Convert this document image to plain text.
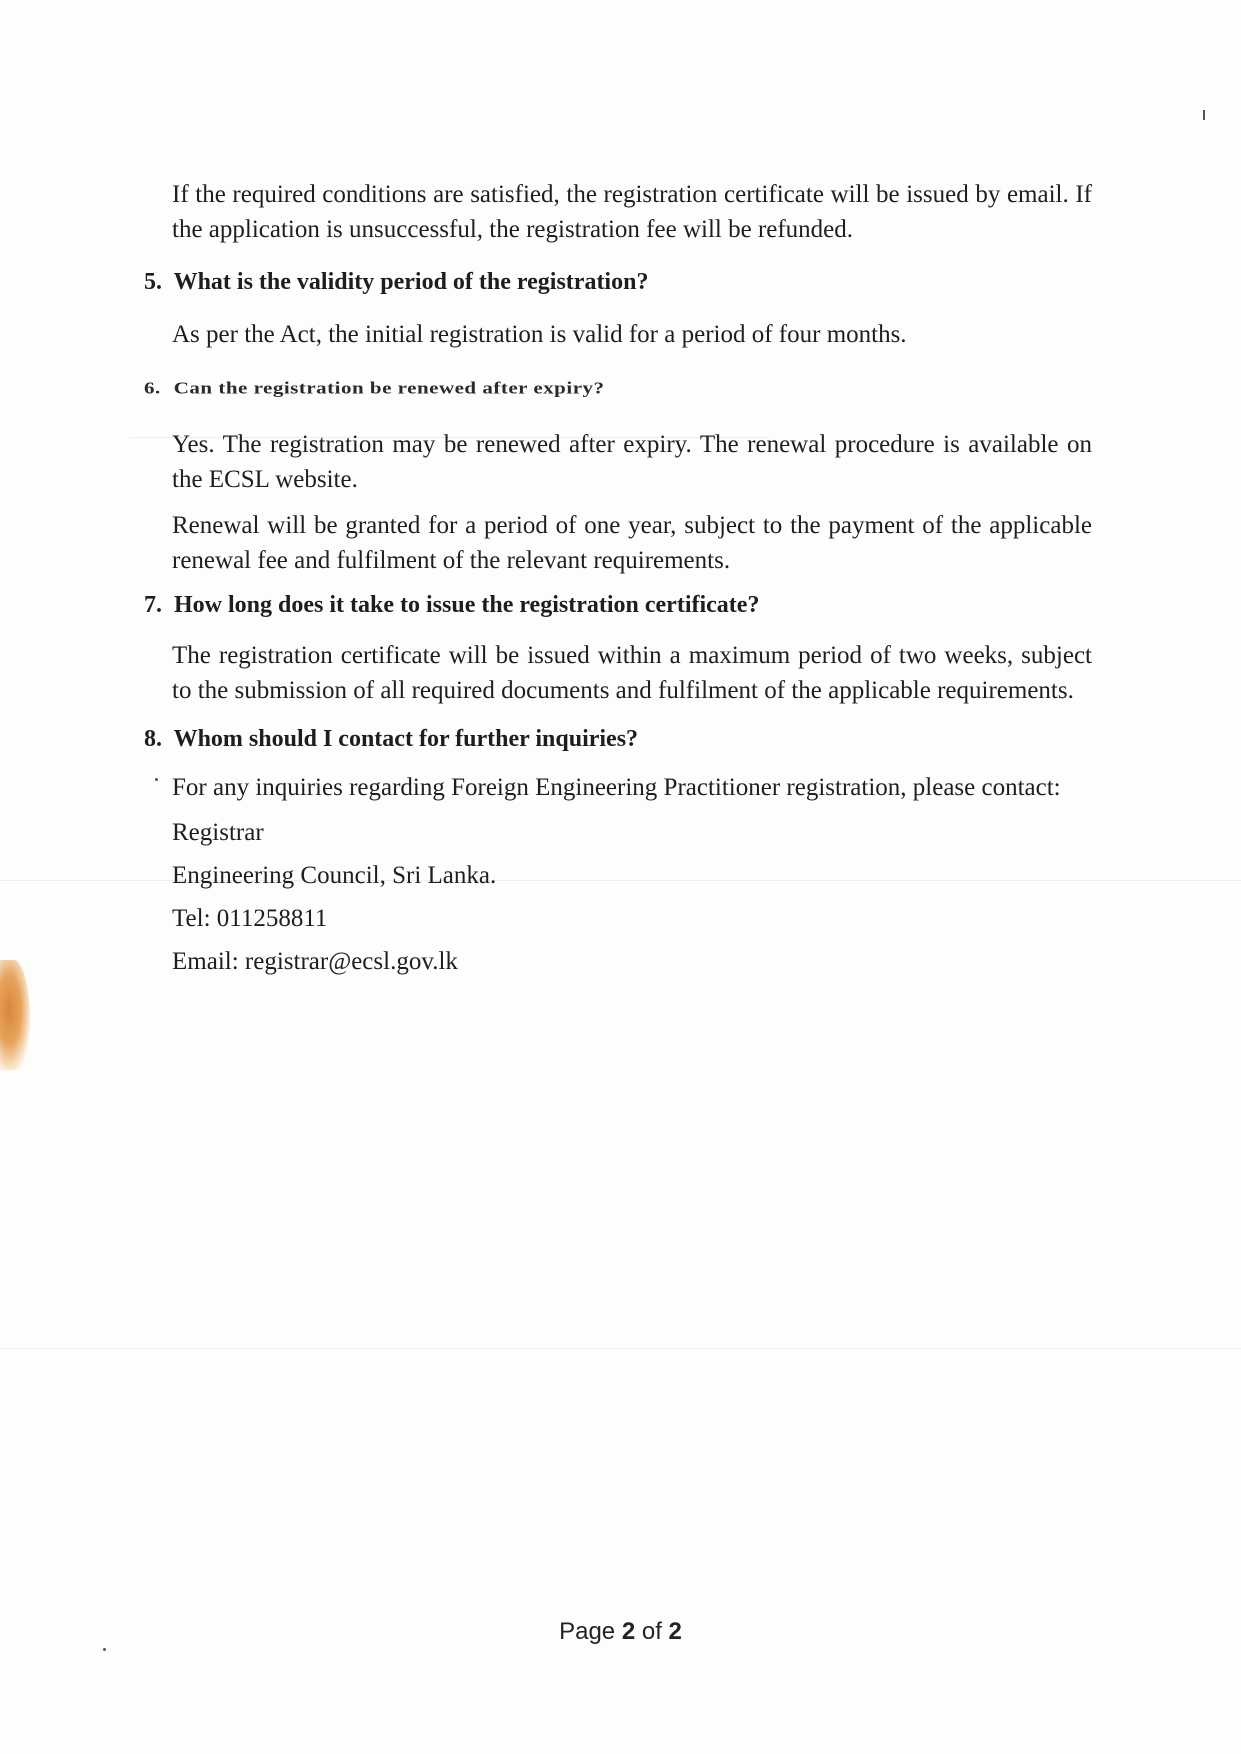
If the required conditions are satisfied, the registration certificate will be issued by email. If the application is unsuccessful, the registration fee will be refunded.

5. What is the validity period of the registration?

As per the Act, the initial registration is valid for a period of four months.

6. Can the registration be renewed after expiry?

Yes. The registration may be renewed after expiry. The renewal procedure is available on the ECSL website.

Renewal will be granted for a period of one year, subject to the payment of the applicable renewal fee and fulfilment of the relevant requirements.

7. How long does it take to issue the registration certificate?

The registration certificate will be issued within a maximum period of two weeks, subject to the submission of all required documents and fulfilment of the applicable requirements.

8. Whom should I contact for further inquiries?

For any inquiries regarding Foreign Engineering Practitioner registration, please contact:

Registrar

Engineering Council, Sri Lanka.

Tel: 011258811

Email: registrar@ecsl.gov.lk

Page 2 of 2
